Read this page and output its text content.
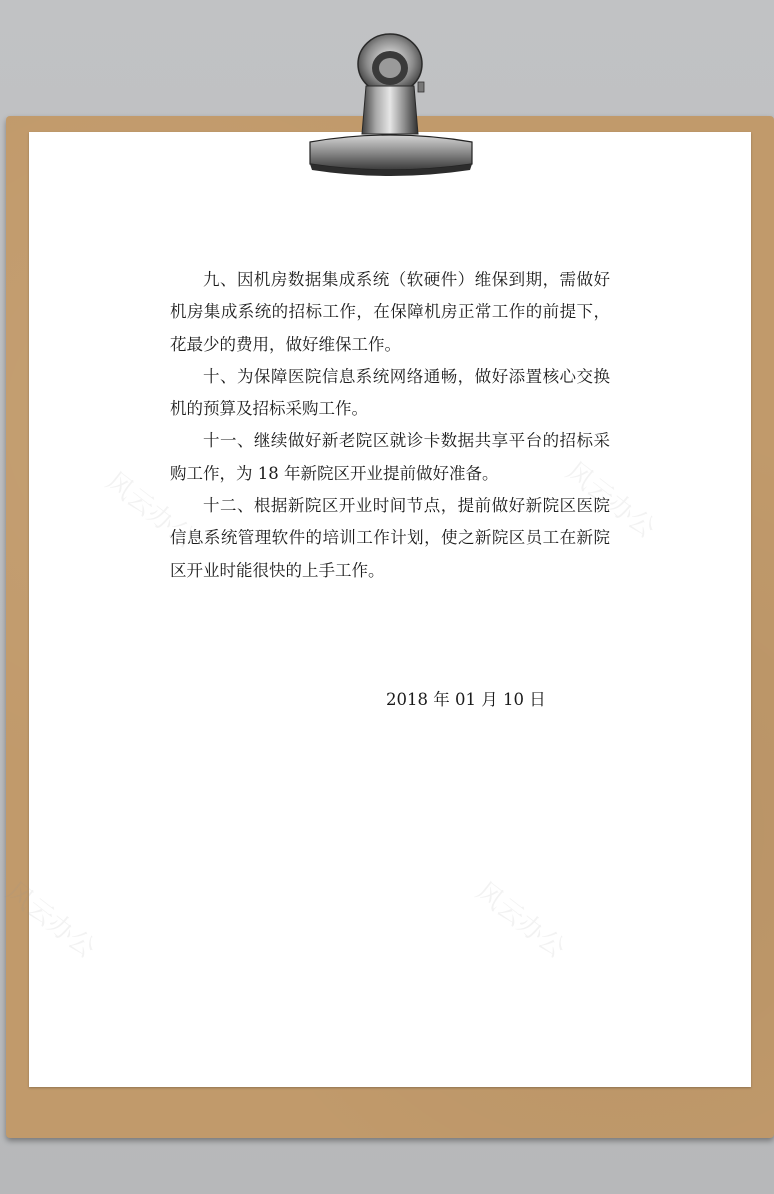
九、因机房数据集成系统（软硬件）维保到期，需做好机房集成系统的招标工作，在保障机房正常工作的前提下，花最少的费用，做好维保工作。

十、为保障医院信息系统网络通畅，做好添置核心交换机的预算及招标采购工作。

十一、继续做好新老院区就诊卡数据共享平台的招标采购工作，为 18 年新院区开业提前做好准备。

十二、根据新院区开业时间节点，提前做好新院区医院信息系统管理软件的培训工作计划，使之新院区员工在新院区开业时能很快的上手工作。

2018 年 01 月 10 日
